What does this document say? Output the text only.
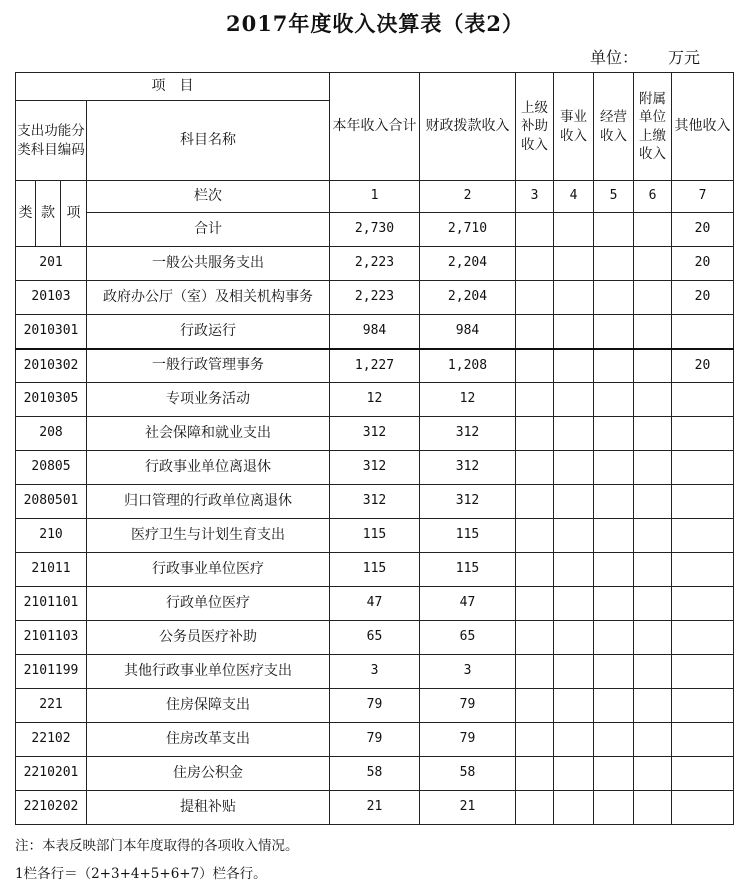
2017年度收入决算表（表2）
单位： 万元
项　目				本年收入合计	财政拨款收入	上级补助收入	事业收入	经营收入	附属单位上缴收入	其他收入
支出功能分类科目编码			科目名称							
类	款	项	栏次	1	2	3	4	5	6	7
			合计	2,730	2,710					20
201			一般公共服务支出	2,223	2,204					20
20103			政府办公厅（室）及相关机构事务	2,223	2,204					20
2010301			行政运行	984	984					
2010302			一般行政管理事务	1,227	1,208					20
2010305			专项业务活动	12	12					
208			社会保障和就业支出	312	312					
20805			行政事业单位离退休	312	312					
2080501			归口管理的行政单位离退休	312	312					
210			医疗卫生与计划生育支出	115	115					
21011			行政事业单位医疗	115	115					
2101101			行政单位医疗	47	47					
2101103			公务员医疗补助	65	65					
2101199			其他行政事业单位医疗支出	3	3					
221			住房保障支出	79	79					
22102			住房改革支出	79	79					
2210201			住房公积金	58	58					
2210202			提租补贴	21	21					
注：本表反映部门本年度取得的各项收入情况。
1栏各行＝（2+3+4+5+6+7）栏各行。
